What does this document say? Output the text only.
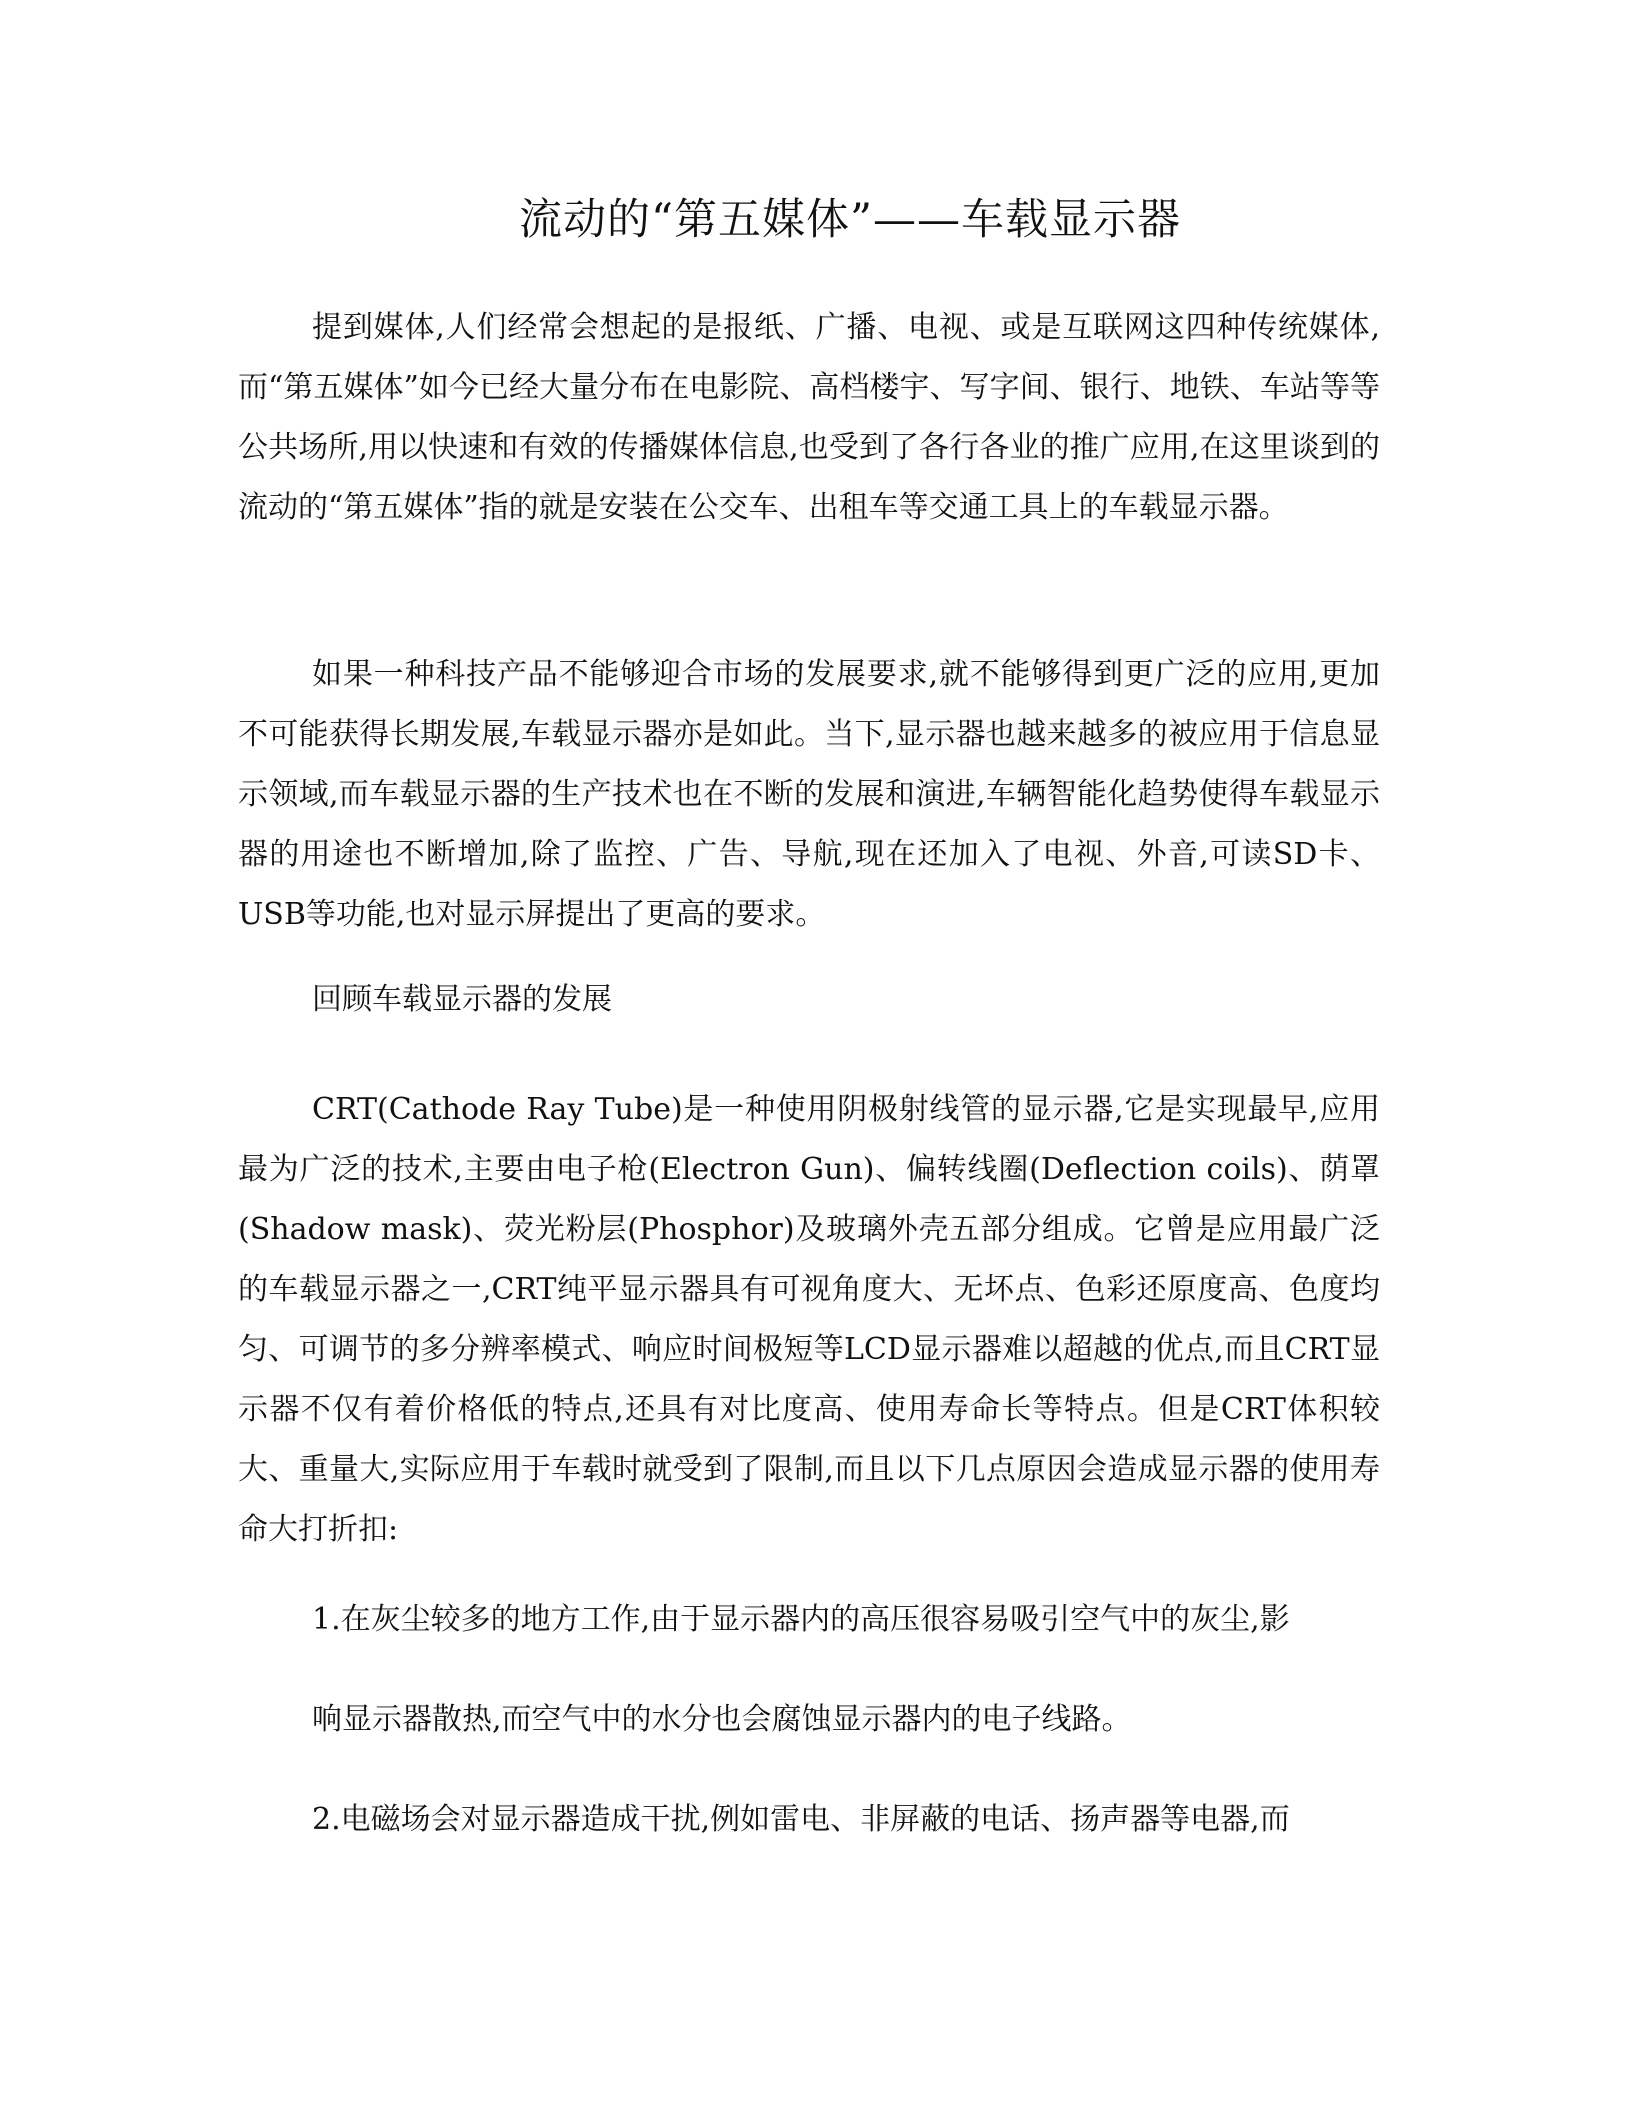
流动的“第五媒体”——车载显示器

提到媒体,人们经常会想起的是报纸、广播、电视、或是互联网这四种传统媒体,而“第五媒体”如今已经大量分布在电影院、高档楼宇、写字间、银行、地铁、车站等等公共场所,用以快速和有效的传播媒体信息,也受到了各行各业的推广应用,在这里谈到的流动的“第五媒体”指的就是安装在公交车、出租车等交通工具上的车载显示器。

如果一种科技产品不能够迎合市场的发展要求,就不能够得到更广泛的应用,更加不可能获得长期发展,车载显示器亦是如此。当下,显示器也越来越多的被应用于信息显示领域,而车载显示器的生产技术也在不断的发展和演进,车辆智能化趋势使得车载显示器的用途也不断增加,除了监控、广告、导航,现在还加入了电视、外音,可读SD卡、USB等功能,也对显示屏提出了更高的要求。

回顾车载显示器的发展

CRT(Cathode Ray Tube)是一种使用阴极射线管的显示器,它是实现最早,应用最为广泛的技术,主要由电子枪(Electron Gun)、偏转线圈(Deflection coils)、荫罩(Shadow mask)、荧光粉层(Phosphor)及玻璃外壳五部分组成。它曾是应用最广泛的车载显示器之一,CRT纯平显示器具有可视角度大、无坏点、色彩还原度高、色度均匀、可调节的多分辨率模式、响应时间极短等LCD显示器难以超越的优点,而且CRT显示器不仅有着价格低的特点,还具有对比度高、使用寿命长等特点。但是CRT体积较大、重量大,实际应用于车载时就受到了限制,而且以下几点原因会造成显示器的使用寿命大打折扣:

1.在灰尘较多的地方工作,由于显示器内的高压很容易吸引空气中的灰尘,影

响显示器散热,而空气中的水分也会腐蚀显示器内的电子线路。

2.电磁场会对显示器造成干扰,例如雷电、非屏蔽的电话、扬声器等电器,而
